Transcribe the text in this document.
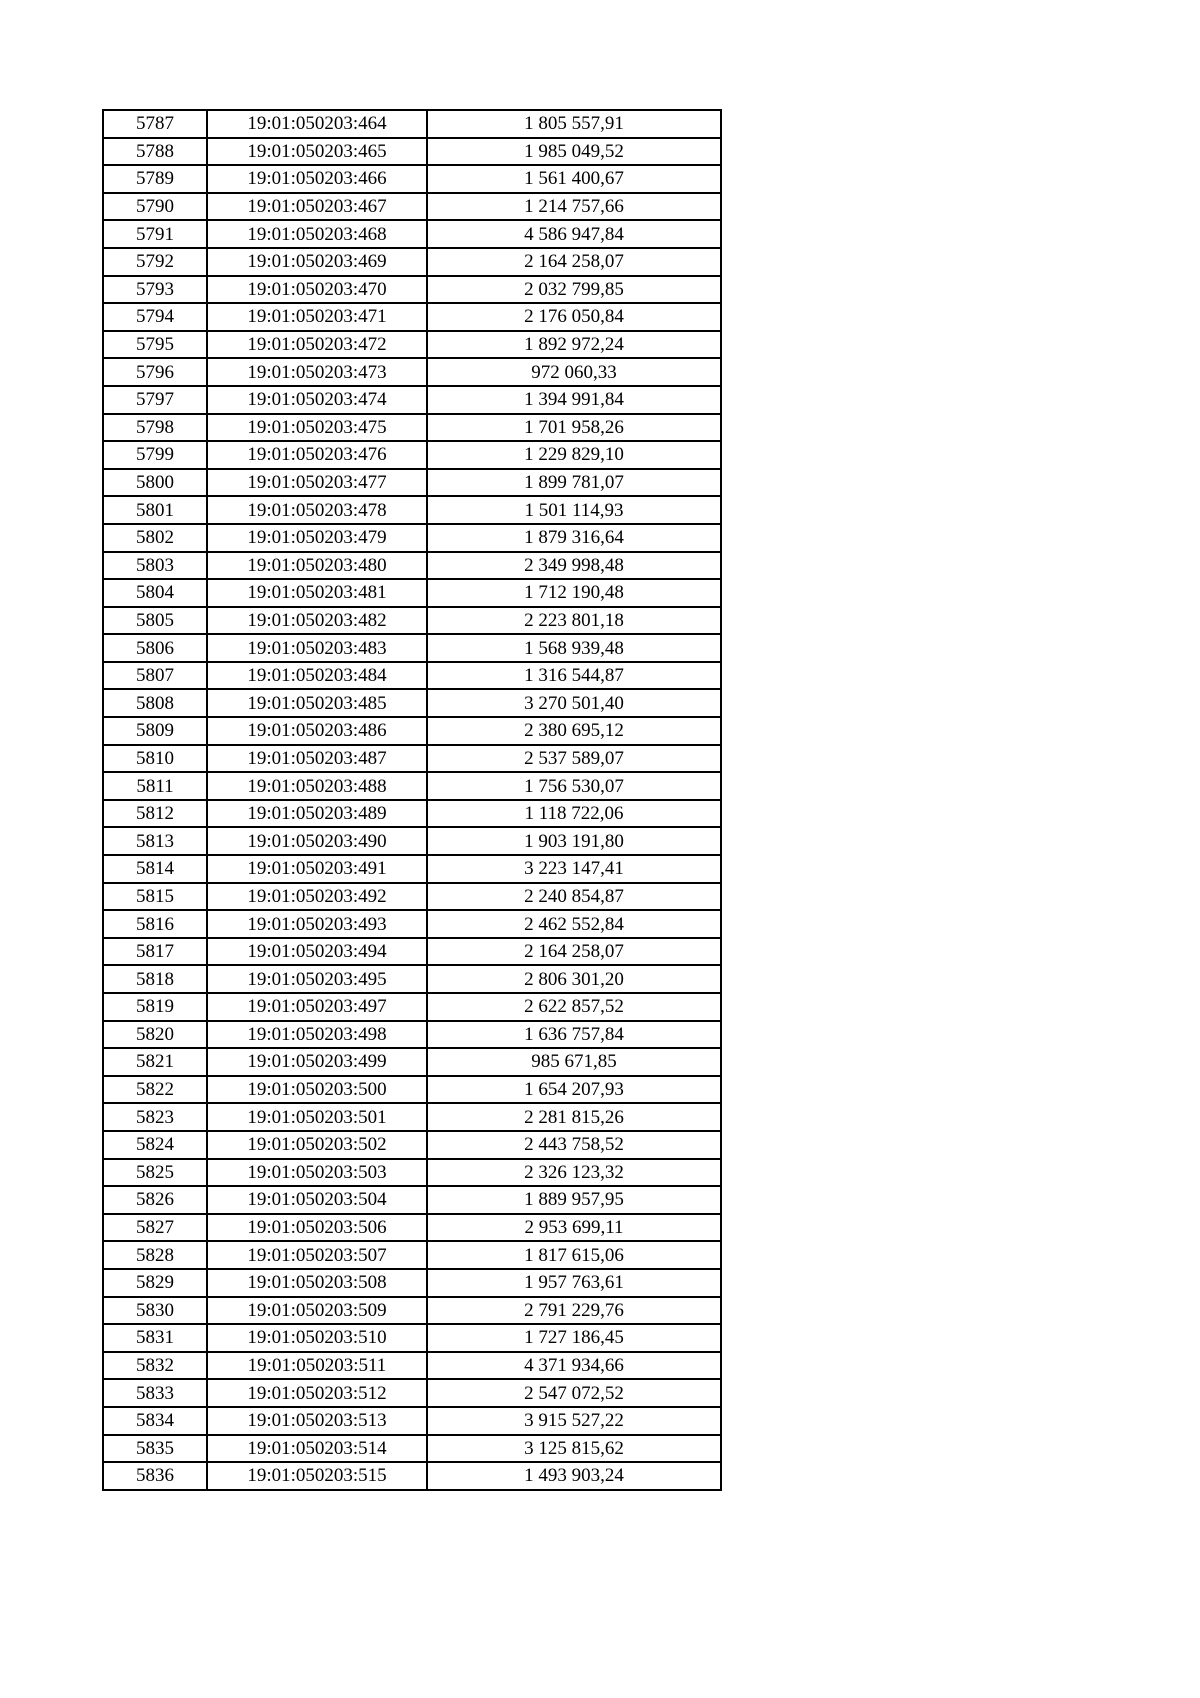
5787	19:01:050203:464	1 805 557,91
5788	19:01:050203:465	1 985 049,52
5789	19:01:050203:466	1 561 400,67
5790	19:01:050203:467	1 214 757,66
5791	19:01:050203:468	4 586 947,84
5792	19:01:050203:469	2 164 258,07
5793	19:01:050203:470	2 032 799,85
5794	19:01:050203:471	2 176 050,84
5795	19:01:050203:472	1 892 972,24
5796	19:01:050203:473	972 060,33
5797	19:01:050203:474	1 394 991,84
5798	19:01:050203:475	1 701 958,26
5799	19:01:050203:476	1 229 829,10
5800	19:01:050203:477	1 899 781,07
5801	19:01:050203:478	1 501 114,93
5802	19:01:050203:479	1 879 316,64
5803	19:01:050203:480	2 349 998,48
5804	19:01:050203:481	1 712 190,48
5805	19:01:050203:482	2 223 801,18
5806	19:01:050203:483	1 568 939,48
5807	19:01:050203:484	1 316 544,87
5808	19:01:050203:485	3 270 501,40
5809	19:01:050203:486	2 380 695,12
5810	19:01:050203:487	2 537 589,07
5811	19:01:050203:488	1 756 530,07
5812	19:01:050203:489	1 118 722,06
5813	19:01:050203:490	1 903 191,80
5814	19:01:050203:491	3 223 147,41
5815	19:01:050203:492	2 240 854,87
5816	19:01:050203:493	2 462 552,84
5817	19:01:050203:494	2 164 258,07
5818	19:01:050203:495	2 806 301,20
5819	19:01:050203:497	2 622 857,52
5820	19:01:050203:498	1 636 757,84
5821	19:01:050203:499	985 671,85
5822	19:01:050203:500	1 654 207,93
5823	19:01:050203:501	2 281 815,26
5824	19:01:050203:502	2 443 758,52
5825	19:01:050203:503	2 326 123,32
5826	19:01:050203:504	1 889 957,95
5827	19:01:050203:506	2 953 699,11
5828	19:01:050203:507	1 817 615,06
5829	19:01:050203:508	1 957 763,61
5830	19:01:050203:509	2 791 229,76
5831	19:01:050203:510	1 727 186,45
5832	19:01:050203:511	4 371 934,66
5833	19:01:050203:512	2 547 072,52
5834	19:01:050203:513	3 915 527,22
5835	19:01:050203:514	3 125 815,62
5836	19:01:050203:515	1 493 903,24
